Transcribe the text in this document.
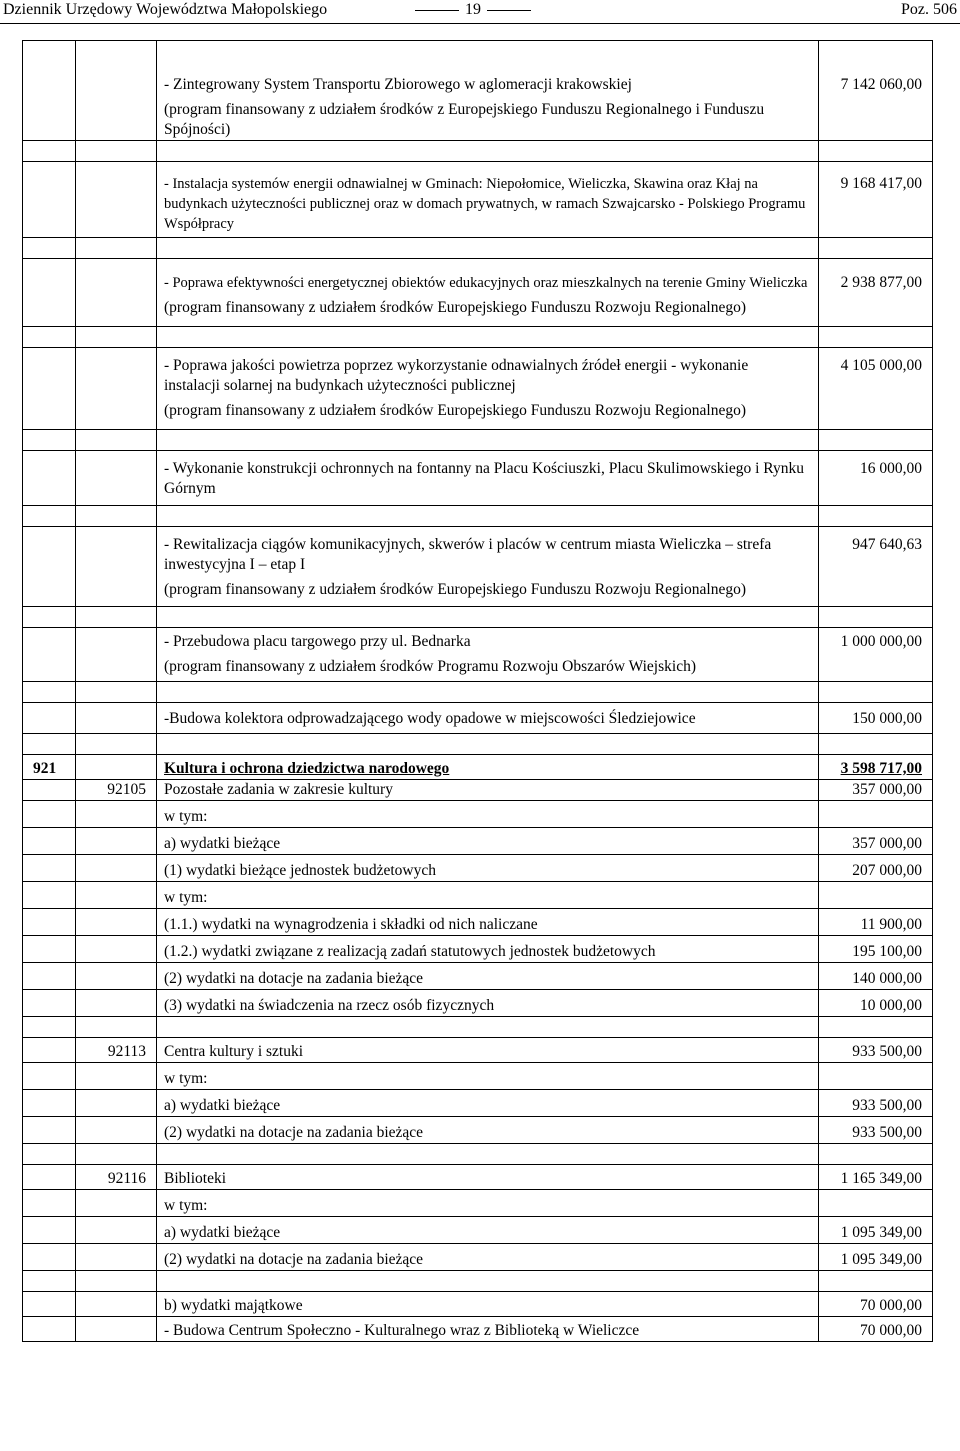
Dziennik Urzędowy Województwa Małopolskiego	19	Poz. 506

		- Zintegrowany System Transportu Zbiorowego w aglomeracji krakowskiej
(program finansowany z udziałem środków z Europejskiego Funduszu Regionalnego i Funduszu Spójności)	7 142 060,00

		- Instalacja systemów energii odnawialnej w Gminach: Niepołomice, Wieliczka, Skawina oraz Kłaj na budynkach użyteczności publicznej oraz w domach prywatnych, w ramach Szwajcarsko - Polskiego Programu Współpracy	9 168 417,00

		- Poprawa efektywności energetycznej obiektów edukacyjnych oraz mieszkalnych na terenie Gminy Wieliczka
(program finansowany z udziałem środków Europejskiego Funduszu Rozwoju Regionalnego)	2 938 877,00

		- Poprawa jakości powietrza poprzez wykorzystanie odnawialnych źródeł energii - wykonanie instalacji solarnej na budynkach użyteczności publicznej
(program finansowany z udziałem środków Europejskiego Funduszu Rozwoju Regionalnego)	4 105 000,00

		- Wykonanie konstrukcji ochronnych na fontanny na Placu Kościuszki, Placu Skulimowskiego i Rynku Górnym	16 000,00

		- Rewitalizacja ciągów komunikacyjnych, skwerów i placów w centrum miasta Wieliczka – strefa inwestycyjna I – etap I
(program finansowany z udziałem środków Europejskiego Funduszu Rozwoju Regionalnego)	947 640,63

		- Przebudowa placu targowego przy ul. Bednarka
(program finansowany z udziałem środków Programu Rozwoju Obszarów Wiejskich)	1 000 000,00

		-Budowa kolektora odprowadzającego wody opadowe w miejscowości Śledziejowice	150 000,00

921		Kultura i ochrona dziedzictwa narodowego	3 598 717,00
	92105	Pozostałe zadania w zakresie kultury	357 000,00
		w tym:	
		a) wydatki bieżące	357 000,00
		(1) wydatki bieżące jednostek budżetowych	207 000,00
		w tym:	
		(1.1.) wydatki na wynagrodzenia i składki od nich naliczane	11 900,00
		(1.2.) wydatki związane z realizacją zadań statutowych jednostek budżetowych	195 100,00
		(2) wydatki na dotacje na zadania bieżące	140 000,00
		(3) wydatki na świadczenia na rzecz osób fizycznych	10 000,00

	92113	Centra kultury i sztuki	933 500,00
		w tym:	
		a) wydatki bieżące	933 500,00
		(2) wydatki na dotacje na zadania bieżące	933 500,00

	92116	Biblioteki	1 165 349,00
		w tym:	
		a) wydatki bieżące	1 095 349,00
		(2) wydatki na dotacje na zadania bieżące	1 095 349,00

		b) wydatki majątkowe	70 000,00
		- Budowa Centrum Społeczno - Kulturalnego wraz z Biblioteką w Wieliczce	70 000,00
